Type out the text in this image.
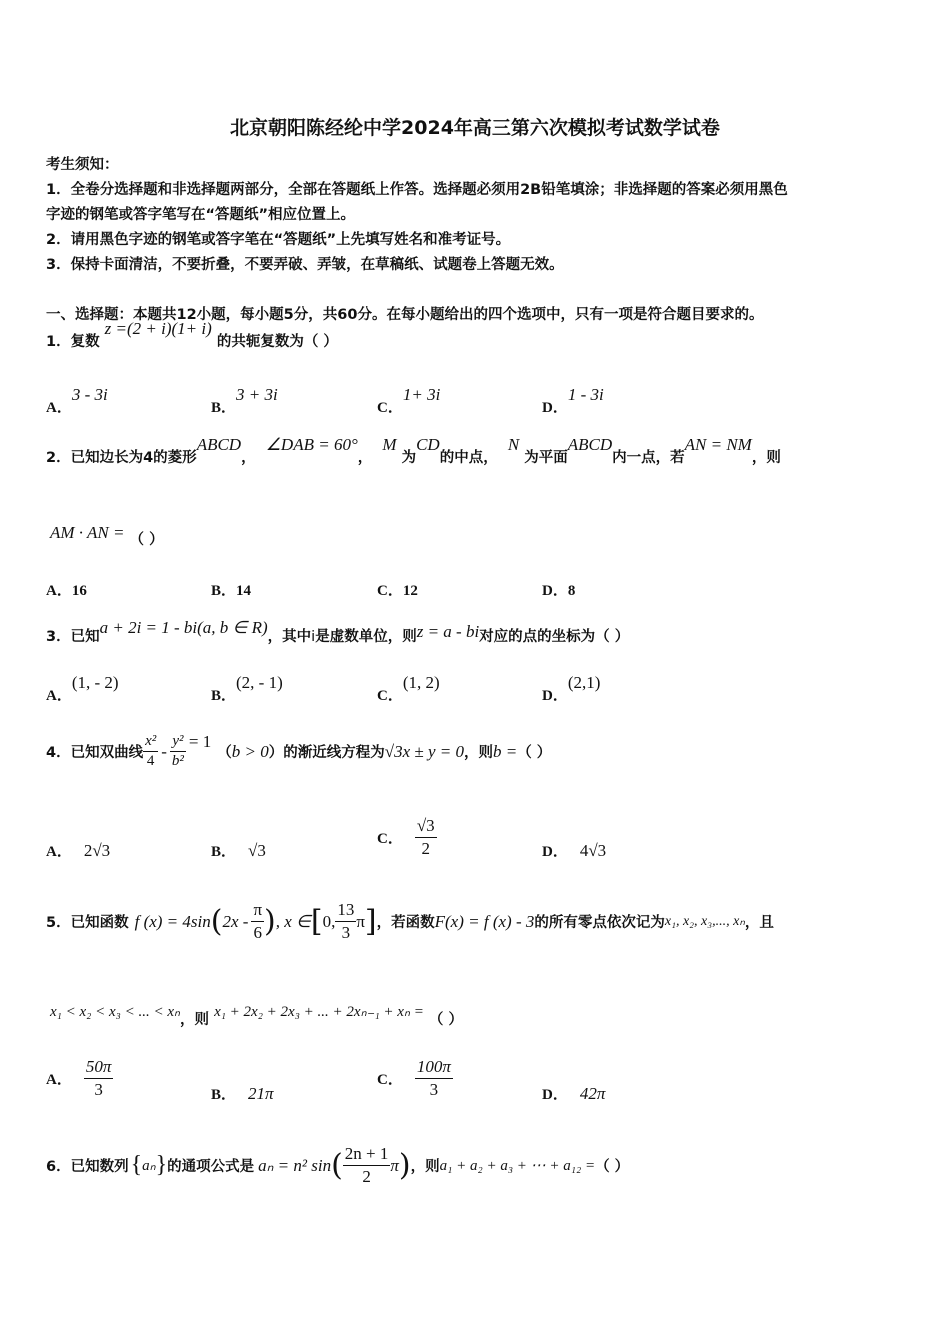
北京朝阳陈经纶中学2024年高三第六次模拟考试数学试卷
考生须知：
1．全卷分选择题和非选择题两部分，全部在答题纸上作答。选择题必须用2B铅笔填涂；非选择题的答案必须用黑色
字迹的钢笔或答字笔写在“答题纸”相应位置上。
2．请用黑色字迹的钢笔或答字笔在“答题纸”上先填写姓名和准考证号。
3．保持卡面清洁，不要折叠，不要弄破、弄皱，在草稿纸、试题卷上答题无效。
一、选择题：本题共12小题，每小题5分，共60分。在每小题给出的四个选项中，只有一项是符合题目要求的。
1．复数 z =(2 + i)(1+ i) 的共轭复数为（ ）
A．3 - 3i
B．3 + 3i
C．1+ 3i
D．1 - 3i
2．已知边长为4的菱形ABCD，  ∠DAB = 60°，  M 为CD的中点，  N 为平面ABCD内一点，若AN = NM，则
AM · AN = （ ）
A．16	B．14	C．12	D．8
3．已知a + 2i = 1 - bi(a, b ∈ R)，其中i是虚数单位，则z = a - bi对应的点的坐标为（ ）
A．(1, - 2)
B．(2, - 1)
C．(1, 2)
D．(2,1)
4．已知双曲线 $\frac{\text{x²}}{4} - \frac{\text{y²}}{\text{b²}} = 1$
（ b > 0 ）的渐近线方程为 √3x ± y = 0 ，则 b = （ ）
A． 2√3	B． √3
C． $\frac{√3}{2}$	D． 4√3
5．已知函数 f (x) = 4sin ( $2x - \frac{\pi}{6}$ ) , x ∈ [ 0, $\frac{13}{3}$ π ] ，若函数 F(x) = f (x) - 3 的所有零点依次记为 x₁, x₂, x₃,..., xₙ ，且
x₁ < x₂ < x₃ < ... < xₙ，则 x₁ + 2x₂ + 2x₃ + ... + 2xₙ₋₁ + xₙ = （ ）
A． $\frac{50\pi}{3}$	B． 21π
C． $\frac{100\pi}{3}$	D． 42π
6．已知数列 { aₙ } 的通项公式是 aₙ = n² sin ( $\frac{2n + 1}{2}$ π ) ，则 a₁ + a₂ + a₃ + ⋯ + a₁₂ = （ ）
